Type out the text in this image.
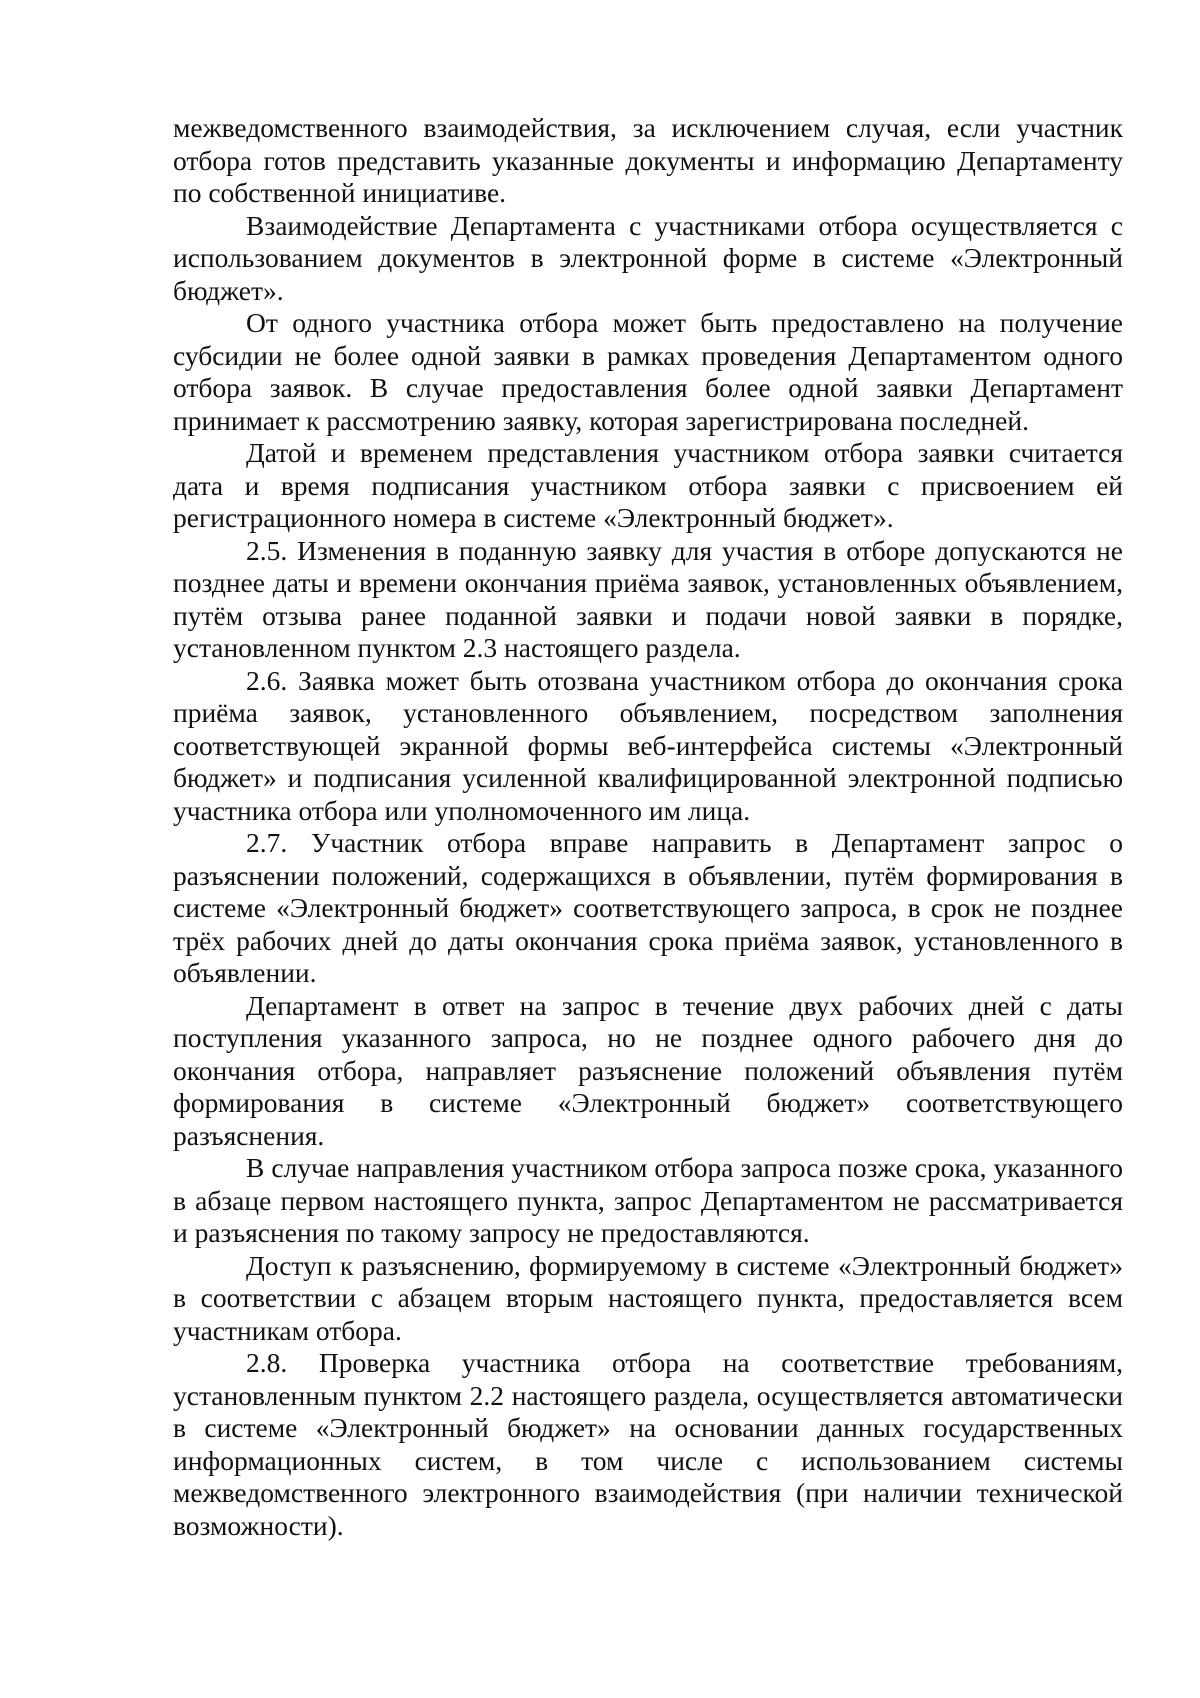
межведомственного взаимодействия, за исключением случая, если участник отбора готов представить указанные документы и информацию Департаменту по собственной инициативе.

Взаимодействие Департамента с участниками отбора осуществляется с использованием документов в электронной форме в системе «Электронный бюджет».

От одного участника отбора может быть предоставлено на получение субсидии не более одной заявки в рамках проведения Департаментом одного отбора заявок. В случае предоставления более одной заявки Департамент принимает к рассмотрению заявку, которая зарегистрирована последней.

Датой и временем представления участником отбора заявки считается дата и время подписания участником отбора заявки с присвоением ей регистрационного номера в системе «Электронный бюджет».

2.5. Изменения в поданную заявку для участия в отборе допускаются не позднее даты и времени окончания приёма заявок, установленных объявлением, путём отзыва ранее поданной заявки и подачи новой заявки в порядке, установленном пунктом 2.3 настоящего раздела.

2.6. Заявка может быть отозвана участником отбора до окончания срока приёма заявок, установленного объявлением, посредством заполнения соответствующей экранной формы веб-интерфейса системы «Электронный бюджет» и подписания усиленной квалифицированной электронной подписью участника отбора или уполномоченного им лица.

2.7. Участник отбора вправе направить в Департамент запрос о разъяснении положений, содержащихся в объявлении, путём формирования в системе «Электронный бюджет» соответствующего запроса, в срок не позднее трёх рабочих дней до даты окончания срока приёма заявок, установленного в объявлении.

Департамент в ответ на запрос в течение двух рабочих дней с даты поступления указанного запроса, но не позднее одного рабочего дня до окончания отбора, направляет разъяснение положений объявления путём формирования в системе «Электронный бюджет» соответствующего разъяснения.

В случае направления участником отбора запроса позже срока, указанного в абзаце первом настоящего пункта, запрос Департаментом не рассматривается и разъяснения по такому запросу не предоставляются.

Доступ к разъяснению, формируемому в системе «Электронный бюджет» в соответствии с абзацем вторым настоящего пункта, предоставляется всем участникам отбора.

2.8. Проверка участника отбора на соответствие требованиям, установленным пунктом 2.2 настоящего раздела, осуществляется автоматически в системе «Электронный бюджет» на основании данных государственных информационных систем, в том числе с использованием системы межведомственного электронного взаимодействия (при наличии технической возможности).
